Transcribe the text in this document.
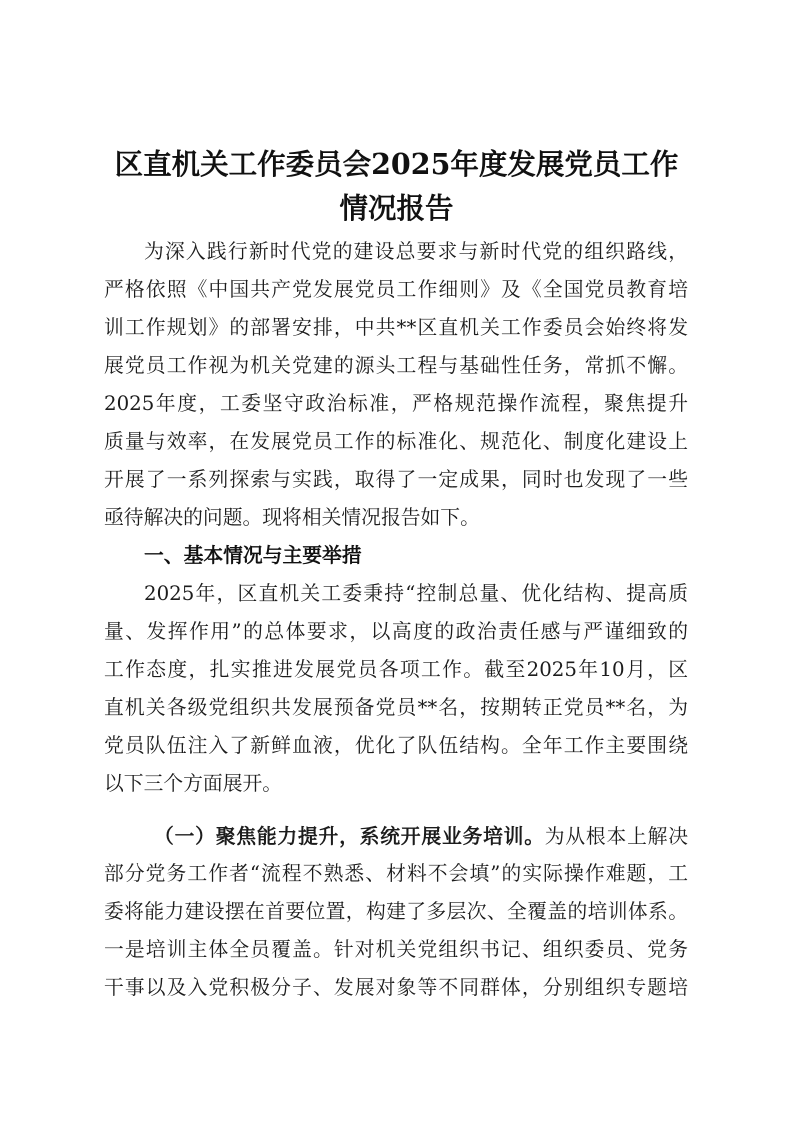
区直机关工作委员会2025年度发展党员工作
情况报告
为深入践行新时代党的建设总要求与新时代党的组织路线，
严格依照《中国共产党发展党员工作细则》及《全国党员教育培
训工作规划》的部署安排，中共**区直机关工作委员会始终将发
展党员工作视为机关党建的源头工程与基础性任务，常抓不懈。
2025年度，工委坚守政治标准，严格规范操作流程，聚焦提升
质量与效率，在发展党员工作的标准化、规范化、制度化建设上
开展了一系列探索与实践，取得了一定成果，同时也发现了一些
亟待解决的问题。现将相关情况报告如下。
一、基本情况与主要举措
2025年，区直机关工委秉持“控制总量、优化结构、提高质
量、发挥作用”的总体要求，以高度的政治责任感与严谨细致的
工作态度，扎实推进发展党员各项工作。截至2025年10月，区
直机关各级党组织共发展预备党员**名，按期转正党员**名，为
党员队伍注入了新鲜血液，优化了队伍结构。全年工作主要围绕
以下三个方面展开。
（一）聚焦能力提升，系统开展业务培训。为从根本上解决
部分党务工作者“流程不熟悉、材料不会填”的实际操作难题，工
委将能力建设摆在首要位置，构建了多层次、全覆盖的培训体系。
一是培训主体全员覆盖。针对机关党组织书记、组织委员、党务
干事以及入党积极分子、发展对象等不同群体，分别组织专题培
